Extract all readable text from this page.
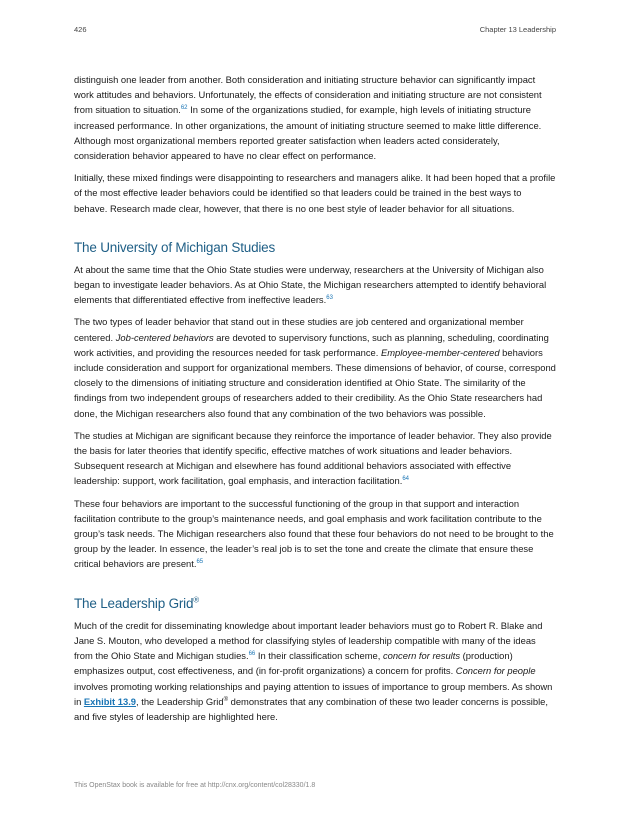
426	Chapter 13 Leadership

distinguish one leader from another. Both consideration and initiating structure behavior can significantly impact work attitudes and behaviors. Unfortunately, the effects of consideration and initiating structure are not consistent from situation to situation.$^{62}$ In some of the organizations studied, for example, high levels of initiating structure increased performance. In other organizations, the amount of initiating structure seemed to make little difference. Although most organizational members reported greater satisfaction when leaders acted considerately, consideration behavior appeared to have no clear effect on performance.

Initially, these mixed findings were disappointing to researchers and managers alike. It had been hoped that a profile of the most effective leader behaviors could be identified so that leaders could be trained in the best ways to behave. Research made clear, however, that there is no one best style of leader behavior for all situations.

The University of Michigan Studies

At about the same time that the Ohio State studies were underway, researchers at the University of Michigan also began to investigate leader behaviors. As at Ohio State, the Michigan researchers attempted to identify behavioral elements that differentiated effective from ineffective leaders.$^{63}$

The two types of leader behavior that stand out in these studies are job centered and organizational member centered. Job-centered behaviors are devoted to supervisory functions, such as planning, scheduling, coordinating work activities, and providing the resources needed for task performance. Employee-member-centered behaviors include consideration and support for organizational members. These dimensions of behavior, of course, correspond closely to the dimensions of initiating structure and consideration identified at Ohio State. The similarity of the findings from two independent groups of researchers added to their credibility. As the Ohio State researchers had done, the Michigan researchers also found that any combination of the two behaviors was possible.

The studies at Michigan are significant because they reinforce the importance of leader behavior. They also provide the basis for later theories that identify specific, effective matches of work situations and leader behaviors. Subsequent research at Michigan and elsewhere has found additional behaviors associated with effective leadership: support, work facilitation, goal emphasis, and interaction facilitation.$^{64}$

These four behaviors are important to the successful functioning of the group in that support and interaction facilitation contribute to the group’s maintenance needs, and goal emphasis and work facilitation contribute to the group’s task needs. The Michigan researchers also found that these four behaviors do not need to be brought to the group by the leader. In essence, the leader’s real job is to set the tone and create the climate that ensure these critical behaviors are present.$^{65}$

The Leadership Grid®

Much of the credit for disseminating knowledge about important leader behaviors must go to Robert R. Blake and Jane S. Mouton, who developed a method for classifying styles of leadership compatible with many of the ideas from the Ohio State and Michigan studies.$^{66}$ In their classification scheme, concern for results (production) emphasizes output, cost effectiveness, and (in for-profit organizations) a concern for profits. Concern for people involves promoting working relationships and paying attention to issues of importance to group members. As shown in Exhibit 13.9, the Leadership Grid® demonstrates that any combination of these two leader concerns is possible, and five styles of leadership are highlighted here.

This OpenStax book is available for free at http://cnx.org/content/col28330/1.8
